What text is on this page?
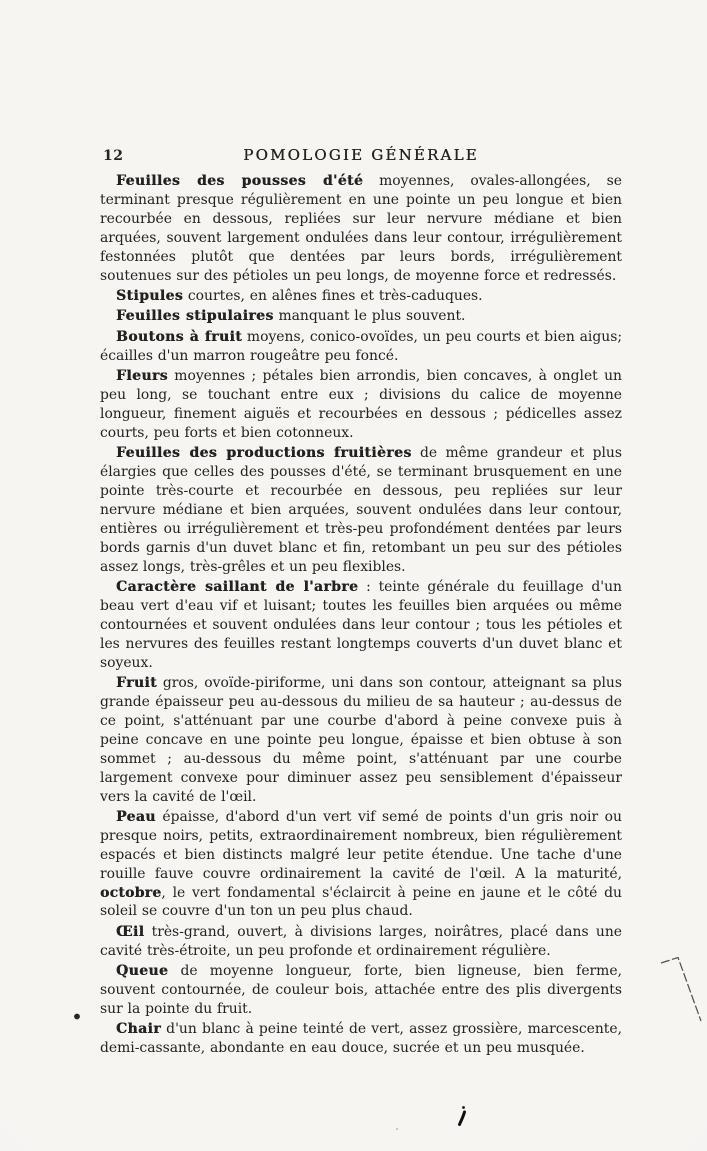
12	POMOLOGIE GÉNÉRALE

Feuilles des pousses d'été moyennes, ovales-allongées, se terminant presque régulièrement en une pointe un peu longue et bien recourbée en dessous, repliées sur leur nervure médiane et bien arquées, souvent largement ondulées dans leur contour, irrégulièrement festonnées plutôt que dentées par leurs bords, irrégulièrement soutenues sur des pétioles un peu longs, de moyenne force et redressés.

Stipules courtes, en alênes fines et très-caduques.

Feuilles stipulaires manquant le plus souvent.

Boutons à fruit moyens, conico-ovoïdes, un peu courts et bien aigus; écailles d'un marron rougeâtre peu foncé.

Fleurs moyennes ; pétales bien arrondis, bien concaves, à onglet un peu long, se touchant entre eux ; divisions du calice de moyenne longueur, finement aiguës et recourbées en dessous ; pédicelles assez courts, peu forts et bien cotonneux.

Feuilles des productions fruitières de même grandeur et plus élargies que celles des pousses d'été, se terminant brusquement en une pointe très-courte et recourbée en dessous, peu repliées sur leur nervure médiane et bien arquées, souvent ondulées dans leur contour, entières ou irrégulièrement et très-peu profondément dentées par leurs bords garnis d'un duvet blanc et fin, retombant un peu sur des pétioles assez longs, très-grêles et un peu flexibles.

Caractère saillant de l'arbre : teinte générale du feuillage d'un beau vert d'eau vif et luisant; toutes les feuilles bien arquées ou même contournées et souvent ondulées dans leur contour ; tous les pétioles et les nervures des feuilles restant longtemps couverts d'un duvet blanc et soyeux.

Fruit gros, ovoïde-piriforme, uni dans son contour, atteignant sa plus grande épaisseur peu au-dessous du milieu de sa hauteur ; au-dessus de ce point, s'atténuant par une courbe d'abord à peine convexe puis à peine concave en une pointe peu longue, épaisse et bien obtuse à son sommet ; au-dessous du même point, s'atténuant par une courbe largement convexe pour diminuer assez peu sensiblement d'épaisseur vers la cavité de l'œil.

Peau épaisse, d'abord d'un vert vif semé de points d'un gris noir ou presque noirs, petits, extraordinairement nombreux, bien régulièrement espacés et bien distincts malgré leur petite étendue. Une tache d'une rouille fauve couvre ordinairement la cavité de l'œil. A la maturité, octobre, le vert fondamental s'éclaircit à peine en jaune et le côté du soleil se couvre d'un ton un peu plus chaud.

Œil très-grand, ouvert, à divisions larges, noirâtres, placé dans une cavité très-étroite, un peu profonde et ordinairement régulière.

Queue de moyenne longueur, forte, bien ligneuse, bien ferme, souvent contournée, de couleur bois, attachée entre des plis divergents sur la pointe du fruit.

Chair d'un blanc à peine teinté de vert, assez grossière, marcescente, demi-cassante, abondante en eau douce, sucrée et un peu musquée.
